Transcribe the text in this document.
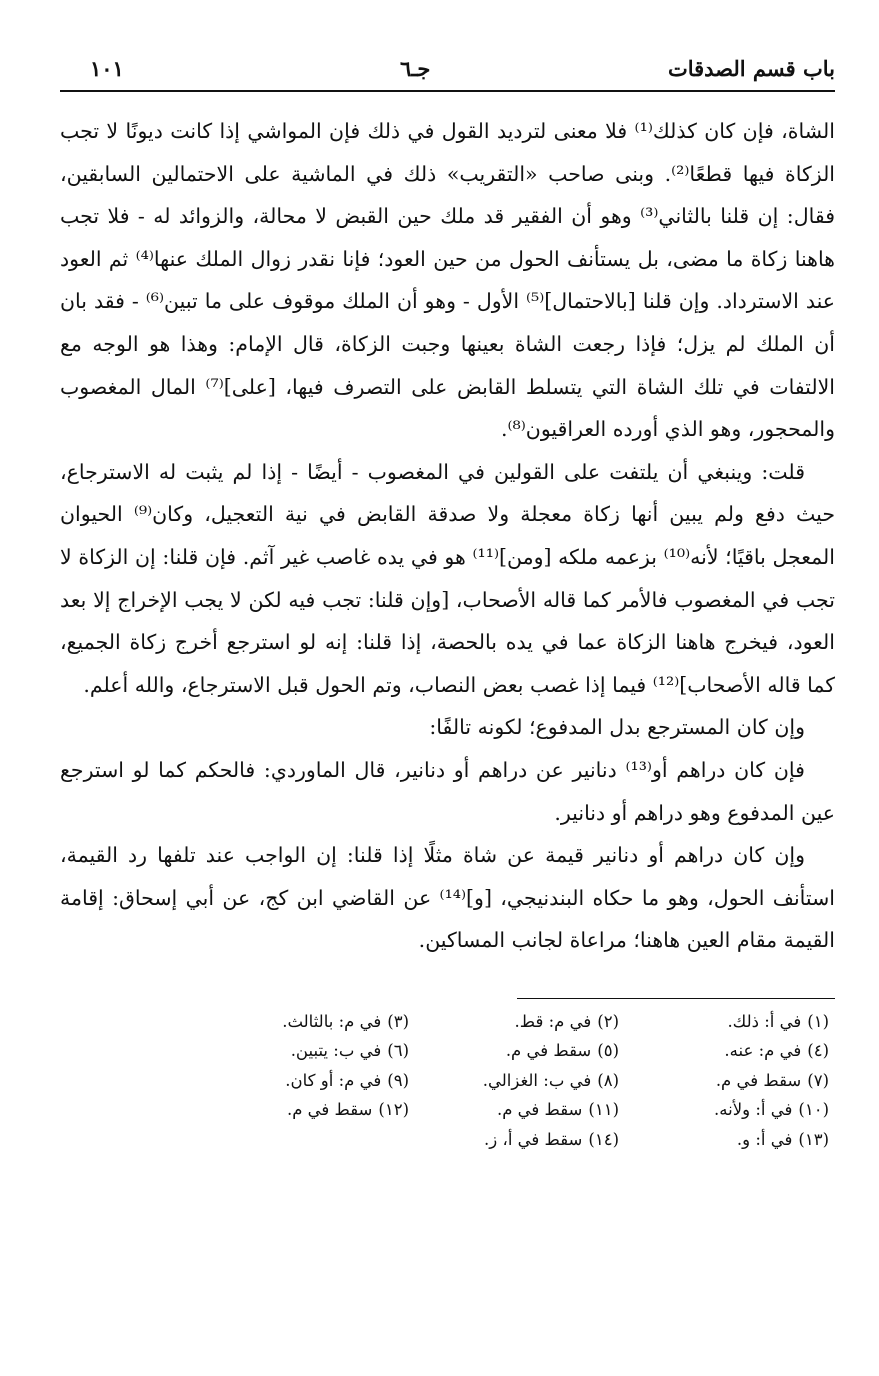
باب قسم الصدقات
جـ٦
١٠١

الشاة، فإن كان كذلك⁽¹⁾ فلا معنى لترديد القول في ذلك فإن المواشي إذا كانت ديونًا لا تجب الزكاة فيها قطعًا⁽²⁾. وبنى صاحب «التقريب» ذلك في الماشية على الاحتمالين السابقين، فقال: إن قلنا بالثاني⁽³⁾ وهو أن الفقير قد ملك حين القبض لا محالة، والزوائد له - فلا تجب هاهنا زكاة ما مضى، بل يستأنف الحول من حين العود؛ فإنا نقدر زوال الملك عنها⁽⁴⁾ ثم العود عند الاسترداد. وإن قلنا [بالاحتمال]⁽⁵⁾ الأول - وهو أن الملك موقوف على ما تبين⁽⁶⁾ - فقد بان أن الملك لم يزل؛ فإذا رجعت الشاة بعينها وجبت الزكاة، قال الإمام: وهذا هو الوجه مع الالتفات في تلك الشاة التي يتسلط القابض على التصرف فيها، [على]⁽⁷⁾ المال المغصوب والمحجور، وهو الذي أورده العراقيون⁽⁸⁾.

قلت: وينبغي أن يلتفت على القولين في المغصوب - أيضًا - إذا لم يثبت له الاسترجاع، حيث دفع ولم يبين أنها زكاة معجلة ولا صدقة القابض في نية التعجيل، وكان⁽⁹⁾ الحيوان المعجل باقيًا؛ لأنه⁽¹⁰⁾ بزعمه ملكه [ومن]⁽¹¹⁾ هو في يده غاصب غير آثم. فإن قلنا: إن الزكاة لا تجب في المغصوب فالأمر كما قاله الأصحاب، [وإن قلنا: تجب فيه لكن لا يجب الإخراج إلا بعد العود، فيخرج هاهنا الزكاة عما في يده بالحصة، إذا قلنا: إنه لو استرجع أخرج زكاة الجميع، كما قاله الأصحاب]⁽¹²⁾ فيما إذا غصب بعض النصاب، وتم الحول قبل الاسترجاع، والله أعلم.

وإن كان المسترجع بدل المدفوع؛ لكونه تالفًا:

فإن كان دراهم أو⁽¹³⁾ دنانير عن دراهم أو دنانير، قال الماوردي: فالحكم كما لو استرجع عين المدفوع وهو دراهم أو دنانير.

وإن كان دراهم أو دنانير قيمة عن شاة مثلًا إذا قلنا: إن الواجب عند تلفها رد القيمة، استأنف الحول، وهو ما حكاه البندنيجي، [و]⁽¹⁴⁾ عن القاضي ابن كج، عن أبي إسحاق: إقامة القيمة مقام العين هاهنا؛ مراعاة لجانب المساكين.

(١)في أ: ذلك.
(٢)في م: قط.
(٣)في م: بالثالث.
(٤)في م: عنه.
(٥)سقط في م.
(٦)في ب: يتبين.
(٧)سقط في م.
(٨)في ب: الغزالي.
(٩)في م: أو كان.
(١٠)في أ: ولأنه.
(١١)سقط في م.
(١٢)سقط في م.
(١٣)في أ: و.
(١٤)سقط في أ، ز.
